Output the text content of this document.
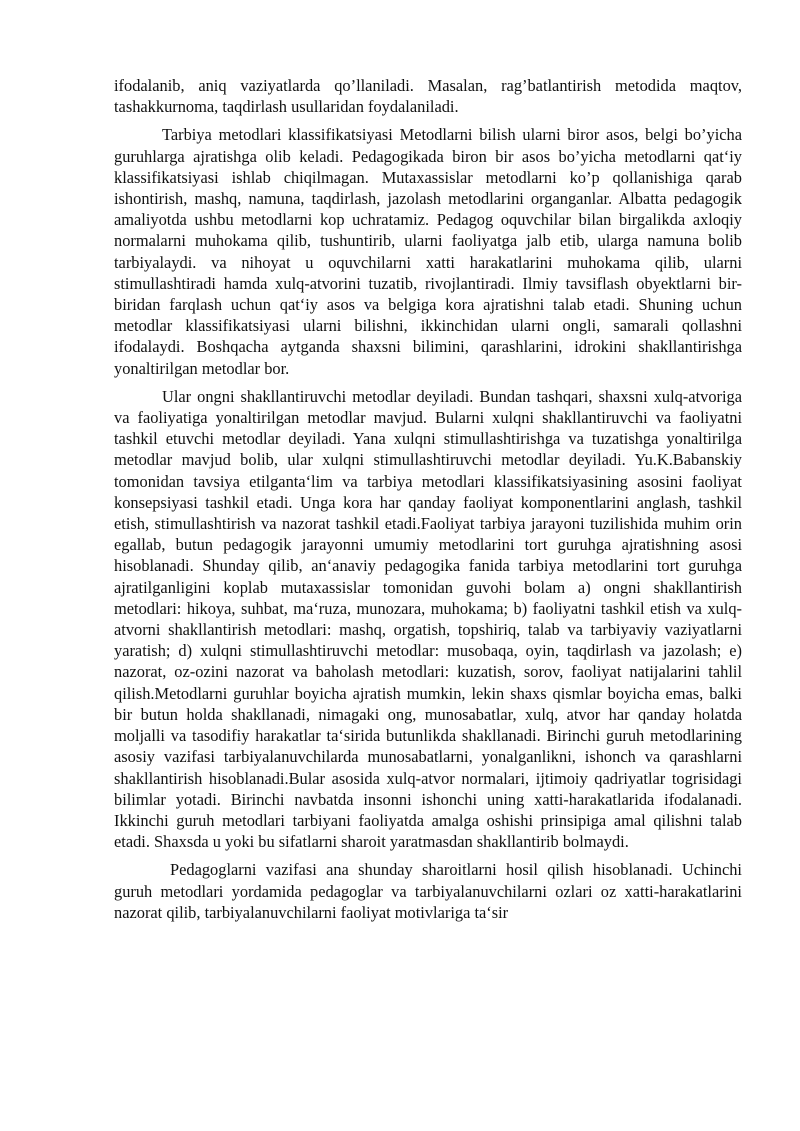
ifodalanib, aniq vaziyatlarda qo’llaniladi. Masalan, rag’batlantirish metodida maqtov, tashakkurnoma, taqdirlash usullaridan foydalaniladi.

Tarbiya metodlari klassifikatsiyasi Metodlarni bilish ularni biror asos, belgi bo’yicha guruhlarga ajratishga olib keladi. Pedagogikada biron bir asos bo’yicha metodlarni qat‘iy klassifikatsiyasi ishlab chiqilmagan. Mutaxassislar metodlarni ko’p qollanishiga qarab ishontirish, mashq, namuna, taqdirlash, jazolash metodlarini organganlar. Albatta pedagogik amaliyotda ushbu metodlarni kop uchratamiz. Pedagog oquvchilar bilan birgalikda axloqiy normalarni muhokama qilib, tushuntirib, ularni faoliyatga jalb etib, ularga namuna bolib tarbiyalaydi. va nihoyat u oquvchilarni xatti harakatlarini muhokama qilib, ularni stimullashtiradi hamda xulq-atvorini tuzatib, rivojlantiradi. Ilmiy tavsiflash obyektlarni bir-biridan farqlash uchun qat‘iy asos va belgiga kora ajratishni talab etadi. Shuning uchun metodlar klassifikatsiyasi ularni bilishni, ikkinchidan ularni ongli, samarali qollashni ifodalaydi. Boshqacha aytganda shaxsni bilimini, qarashlarini, idrokini shakllantirishga yonaltirilgan metodlar bor.

Ular ongni shakllantiruvchi metodlar deyiladi. Bundan tashqari, shaxsni xulq-atvoriga va faoliyatiga yonaltirilgan metodlar mavjud. Bularni xulqni shakllantiruvchi va faoliyatni tashkil etuvchi metodlar deyiladi. Yana xulqni stimullashtirishga va tuzatishga yonaltirilga metodlar mavjud bolib, ular xulqni stimullashtiruvchi metodlar deyiladi. Yu.K.Babanskiy tomonidan tavsiya etilganta‘lim va tarbiya metodlari klassifikatsiyasining asosini faoliyat konsepsiyasi tashkil etadi. Unga kora har qanday faoliyat komponentlarini anglash, tashkil etish, stimullashtirish va nazorat tashkil etadi.Faoliyat tarbiya jarayoni tuzilishida muhim orin egallab, butun pedagogik jarayonni umumiy metodlarini tort guruhga ajratishning asosi hisoblanadi. Shunday qilib, an‘anaviy pedagogika fanida tarbiya metodlarini tort guruhga ajratilganligini koplab mutaxassislar tomonidan guvohi bolam a) ongni shakllantirish metodlari: hikoya, suhbat, ma‘ruza, munozara, muhokama; b) faoliyatni tashkil etish va xulq-atvorni shakllantirish metodlari: mashq, orgatish, topshiriq, talab va tarbiyaviy vaziyatlarni yaratish; d) xulqni stimullashtiruvchi metodlar: musobaqa, oyin, taqdirlash va jazolash; e) nazorat, oz-ozini nazorat va baholash metodlari: kuzatish, sorov, faoliyat natijalarini tahlil qilish.Metodlarni guruhlar boyicha ajratish mumkin, lekin shaxs qismlar boyicha emas, balki bir butun holda shakllanadi, nimagaki ong, munosabatlar, xulq, atvor har qanday holatda moljalli va tasodifiy harakatlar ta‘sirida butunlikda shakllanadi. Birinchi guruh metodlarining asosiy vazifasi tarbiyalanuvchilarda munosabatlarni, yonalganlikni, ishonch va qarashlarni shakllantirish hisoblanadi.Bular asosida xulq-atvor normalari, ijtimoiy qadriyatlar togrisidagi bilimlar yotadi. Birinchi navbatda insonni ishonchi uning xatti-harakatlarida ifodalanadi. Ikkinchi guruh metodlari tarbiyani faoliyatda amalga oshishi prinsipiga amal qilishni talab etadi. Shaxsda u yoki bu sifatlarni sharoit yaratmasdan shakllantirib bolmaydi.

Pedagoglarni vazifasi ana shunday sharoitlarni hosil qilish hisoblanadi. Uchinchi guruh metodlari yordamida pedagoglar va tarbiyalanuvchilarni ozlari oz xatti-harakatlarini nazorat qilib, tarbiyalanuvchilarni faoliyat motivlariga ta‘sir
